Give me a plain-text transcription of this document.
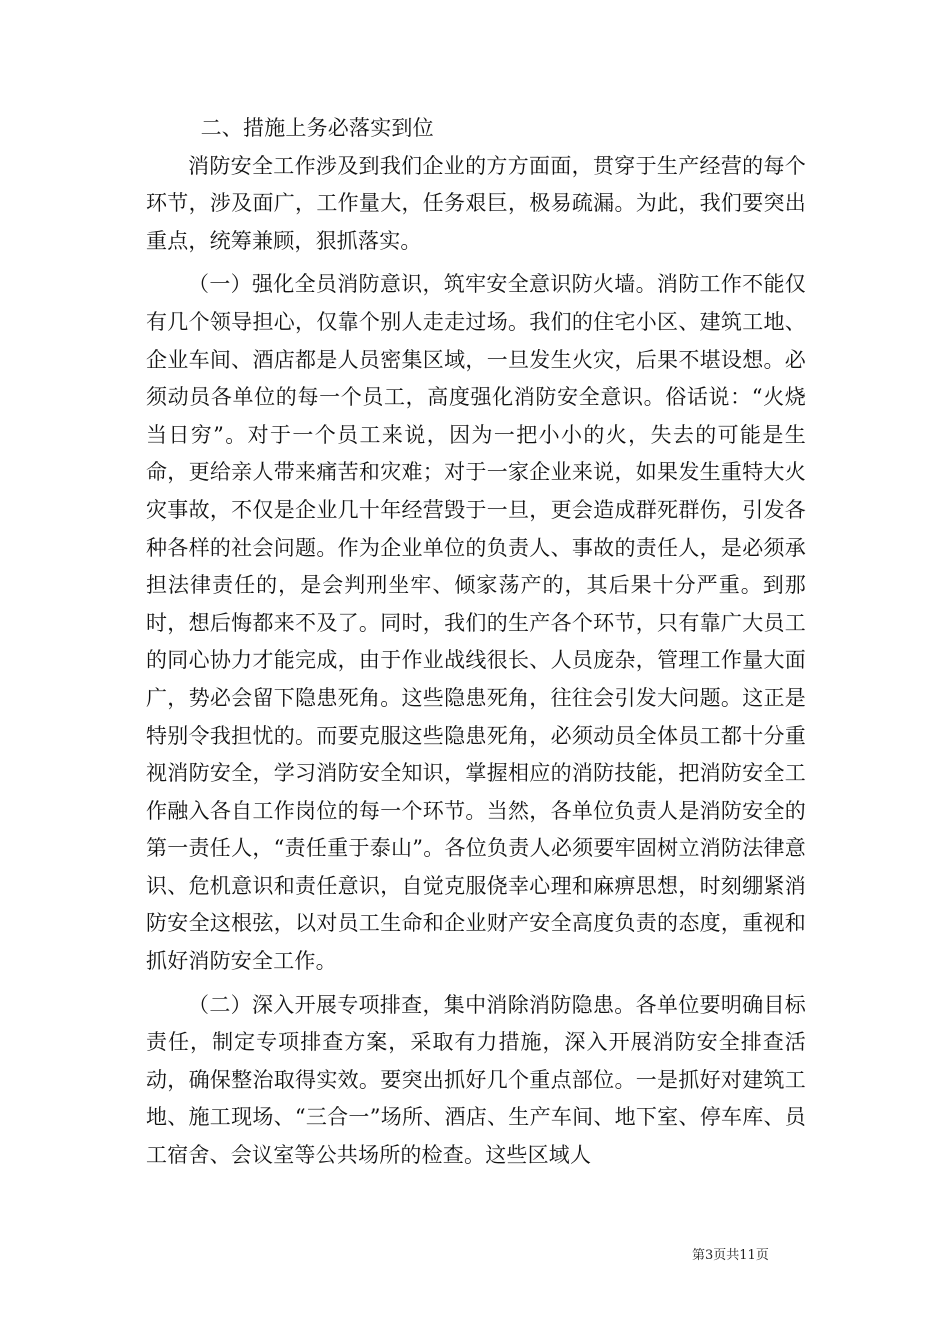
二、措施上务必落实到位

消防安全工作涉及到我们企业的方方面面，贯穿于生产经营的每个环节，涉及面广，工作量大，任务艰巨，极易疏漏。为此，我们要突出重点，统筹兼顾，狠抓落实。

（一）强化全员消防意识，筑牢安全意识防火墙。消防工作不能仅有几个领导担心，仅靠个别人走走过场。我们的住宅小区、建筑工地、企业车间、酒店都是人员密集区域，一旦发生火灾，后果不堪设想。必须动员各单位的每一个员工，高度强化消防安全意识。俗话说：“火烧当日穷”。对于一个员工来说，因为一把小小的火，失去的可能是生命，更给亲人带来痛苦和灾难；对于一家企业来说，如果发生重特大火灾事故，不仅是企业几十年经营毁于一旦，更会造成群死群伤，引发各种各样的社会问题。作为企业单位的负责人、事故的责任人，是必须承担法律责任的，是会判刑坐牢、倾家荡产的，其后果十分严重。到那时，想后悔都来不及了。同时，我们的生产各个环节，只有靠广大员工的同心协力才能完成，由于作业战线很长、人员庞杂，管理工作量大面广，势必会留下隐患死角。这些隐患死角，往往会引发大问题。这正是特别令我担忧的。而要克服这些隐患死角，必须动员全体员工都十分重视消防安全，学习消防安全知识，掌握相应的消防技能，把消防安全工作融入各自工作岗位的每一个环节。当然，各单位负责人是消防安全的第一责任人，“责任重于泰山”。各位负责人必须要牢固树立消防法律意识、危机意识和责任意识，自觉克服侥幸心理和麻痹思想，时刻绷紧消防安全这根弦，以对员工生命和企业财产安全高度负责的态度，重视和抓好消防安全工作。

（二）深入开展专项排查，集中消除消防隐患。各单位要明确目标责任，制定专项排查方案，采取有力措施，深入开展消防安全排查活动，确保整治取得实效。要突出抓好几个重点部位。一是抓好对建筑工地、施工现场、“三合一”场所、酒店、生产车间、地下室、停车库、员工宿舍、会议室等公共场所的检查。这些区域人

第3页共11页
